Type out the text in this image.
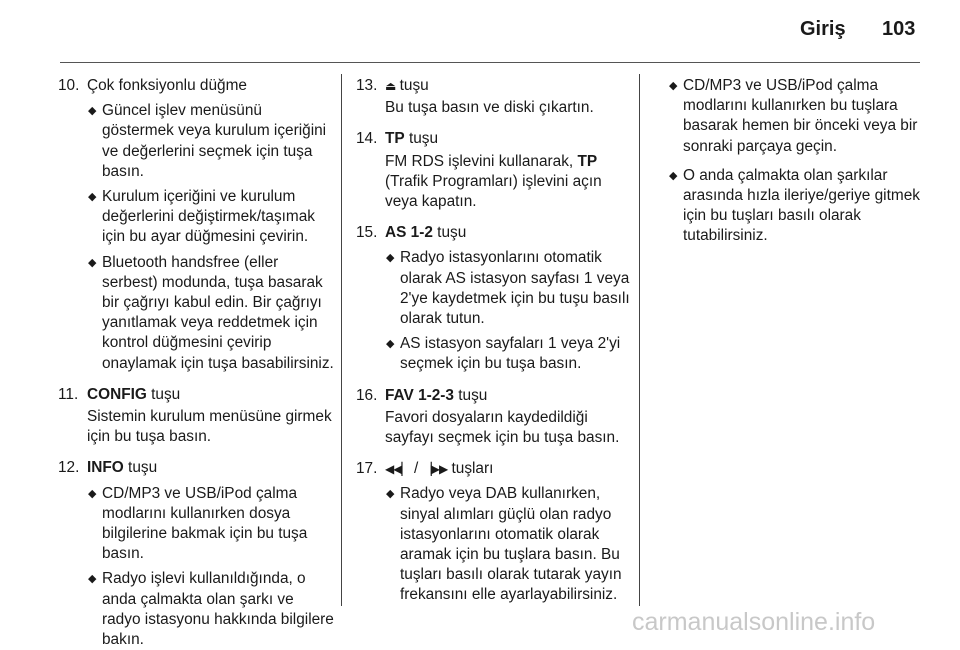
Giriş 103
10. Çok fonksiyonlu düğme
◆ Güncel işlev menüsünü göstermek veya kurulum içeriğini ve değerlerini seçmek için tuşa basın.
◆ Kurulum içeriğini ve kurulum değerlerini değiştirmek/taşımak için bu ayar düğmesini çevirin.
◆ Bluetooth handsfree (eller serbest) modunda, tuşa basarak bir çağrıyı kabul edin. Bir çağrıyı yanıtlamak veya reddetmek için kontrol düğmesini çevirip onaylamak için tuşa basabilirsiniz.
11. CONFIG tuşu
Sistemin kurulum menüsüne girmek için bu tuşa basın.
12. INFO tuşu
◆ CD/MP3 ve USB/iPod çalma modlarını kullanırken dosya bilgilerine bakmak için bu tuşa basın.
◆ Radyo işlevi kullanıldığında, o anda çalmakta olan şarkı ve radyo istasyonu hakkında bilgilere bakın.
13. ⏏ tuşu
Bu tuşa basın ve diski çıkartın.
14. TP tuşu
FM RDS işlevini kullanarak, TP (Trafik Programları) işlevini açın veya kapatın.
15. AS 1-2 tuşu
◆ Radyo istasyonlarını otomatik olarak AS istasyon sayfası 1 veya 2'ye kaydetmek için bu tuşu basılı olarak tutun.
◆ AS istasyon sayfaları 1 veya 2'yi seçmek için bu tuşa basın.
16. FAV 1-2-3 tuşu
Favori dosyaların kaydedildiği sayfayı seçmek için bu tuşa basın.
17. ◀◀▏ / ▕▶▶ tuşları
◆ Radyo veya DAB kullanırken, sinyal alımları güçlü olan radyo istasyonlarını otomatik olarak aramak için bu tuşlara basın. Bu tuşları basılı olarak tutarak yayın frekansını elle ayarlayabilirsiniz.
◆ CD/MP3 ve USB/iPod çalma modlarını kullanırken bu tuşlara basarak hemen bir önceki veya bir sonraki parçaya geçin.
◆ O anda çalmakta olan şarkılar arasında hızla ileriye/geriye gitmek için bu tuşları basılı olarak tutabilirsiniz.
carmanualsonline.info
